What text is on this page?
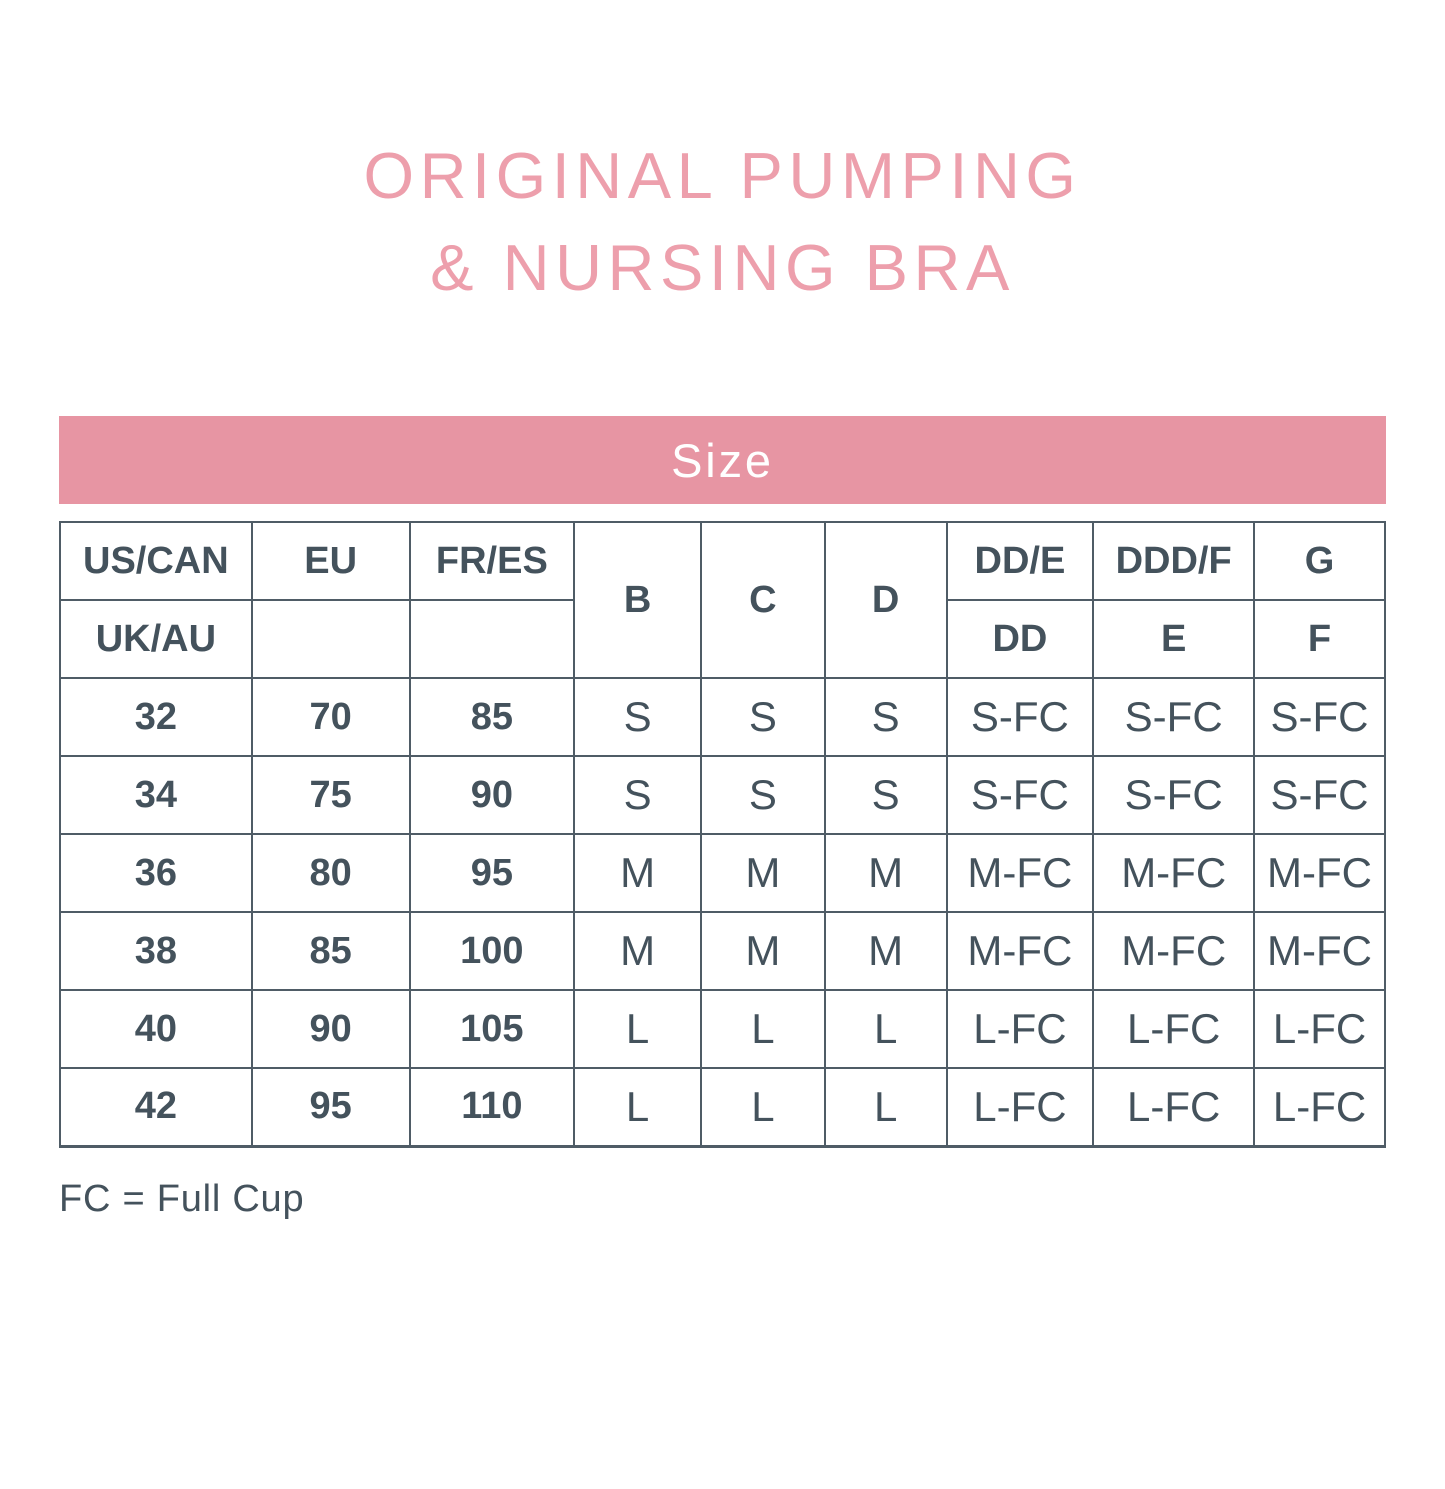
ORIGINAL PUMPING
& NURSING BRA
Size
US/CAN	EU	FR/ES	B	C	D	DD/E	DDD/F	G
UK/AU						DD	E	F
32	70	85	S	S	S	S-FC	S-FC	S-FC
34	75	90	S	S	S	S-FC	S-FC	S-FC
36	80	95	M	M	M	M-FC	M-FC	M-FC
38	85	100	M	M	M	M-FC	M-FC	M-FC
40	90	105	L	L	L	L-FC	L-FC	L-FC
42	95	110	L	L	L	L-FC	L-FC	L-FC
FC = Full Cup
